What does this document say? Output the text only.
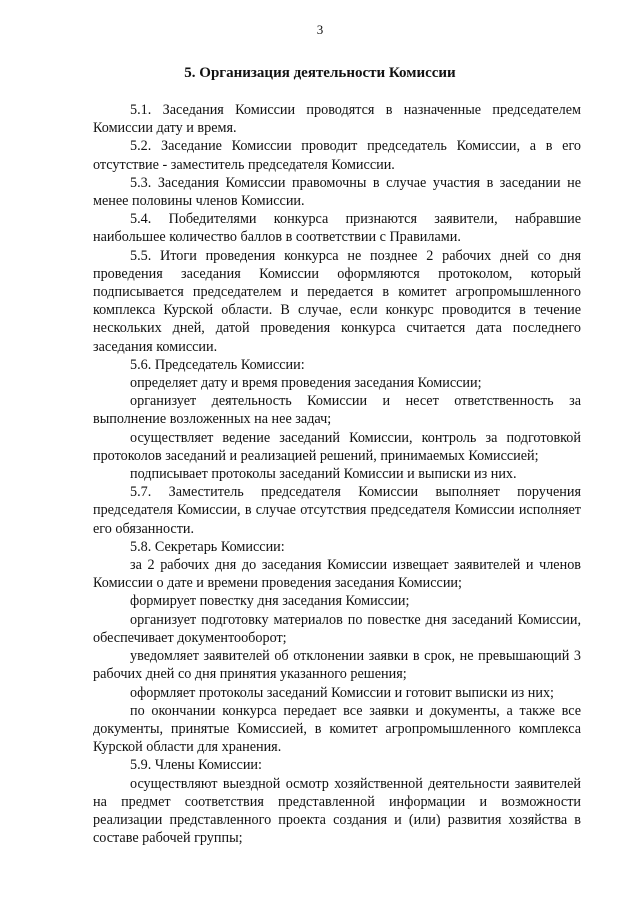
3
5. Организация деятельности Комиссии

5.1. Заседания Комиссии проводятся в назначенные председателем Комиссии дату и время.

5.2. Заседание Комиссии проводит председатель Комиссии, а в его отсутствие - заместитель председателя Комиссии.

5.3. Заседания Комиссии правомочны в случае участия в заседании не менее половины членов Комиссии.

5.4. Победителями конкурса признаются заявители, набравшие наибольшее количество баллов в соответствии с Правилами.

5.5. Итоги проведения конкурса не позднее 2 рабочих дней со дня проведения заседания Комиссии оформляются протоколом, который подписывается председателем и передается в комитет агропромышленного комплекса Курской области. В случае, если конкурс проводится в течение нескольких дней, датой проведения конкурса считается дата последнего заседания комиссии.

5.6. Председатель Комиссии:

определяет дату и время проведения заседания Комиссии;

организует деятельность Комиссии и несет ответственность за выполнение возложенных на нее задач;

осуществляет ведение заседаний Комиссии, контроль за подготовкой протоколов заседаний и реализацией решений, принимаемых Комиссией;

подписывает протоколы заседаний Комиссии и выписки из них.

5.7. Заместитель председателя Комиссии выполняет поручения председателя Комиссии, в случае отсутствия председателя Комиссии исполняет его обязанности.

5.8. Секретарь Комиссии:

за 2 рабочих дня до заседания Комиссии извещает заявителей и членов Комиссии о дате и времени проведения заседания Комиссии;

формирует повестку дня заседания Комиссии;

организует подготовку материалов по повестке дня заседаний Комиссии, обеспечивает документооборот;

уведомляет заявителей об отклонении заявки в срок, не превышающий 3 рабочих дней со дня принятия указанного решения;

оформляет протоколы заседаний Комиссии и готовит выписки из них;

по окончании конкурса передает все заявки и документы, а также все документы, принятые Комиссией, в комитет агропромышленного комплекса Курской области для хранения.

5.9. Члены Комиссии:

осуществляют выездной осмотр хозяйственной деятельности заявителей на предмет соответствия представленной информации и возможности реализации представленного проекта создания и (или) развития хозяйства в составе рабочей группы;
